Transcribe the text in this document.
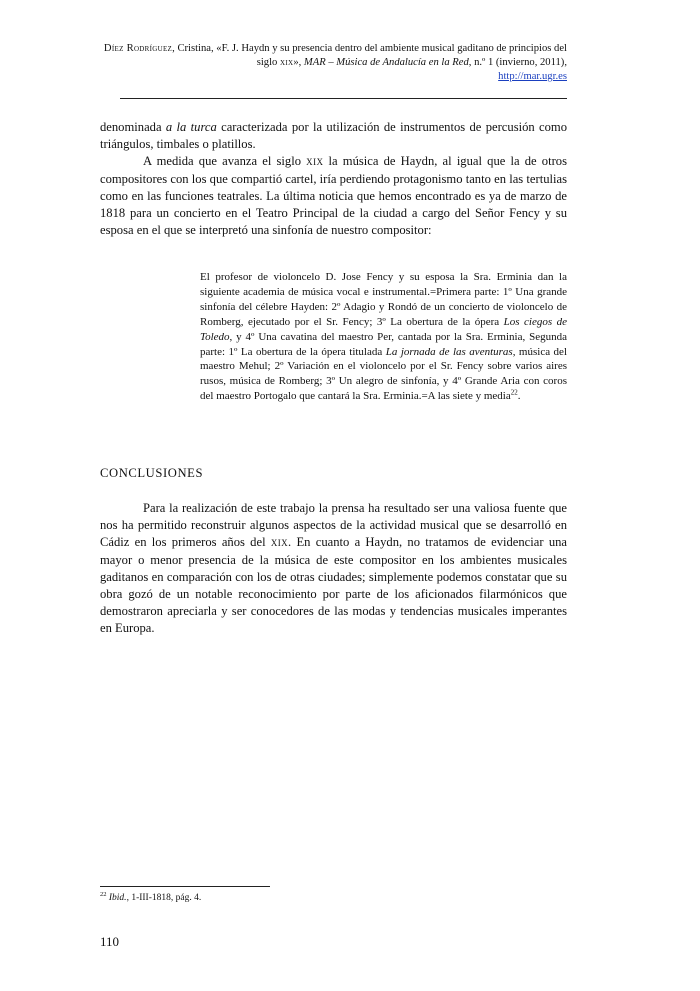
Díez Rodríguez, Cristina, «F. J. Haydn y su presencia dentro del ambiente musical gaditano de principios del siglo xix», MAR – Música de Andalucía en la Red, n.º 1 (invierno, 2011),
http://mar.ugr.es

denominada a la turca caracterizada por la utilización de instrumentos de percusión como triángulos, timbales o platillos.

A medida que avanza el siglo xix la música de Haydn, al igual que la de otros compositores con los que compartió cartel, iría perdiendo protagonismo tanto en las tertulias como en las funciones teatrales. La última noticia que hemos encontrado es ya de marzo de 1818 para un concierto en el Teatro Principal de la ciudad a cargo del Señor Fency y su esposa en el que se interpretó una sinfonía de nuestro compositor:

El profesor de violoncelo D. Jose Fency y su esposa la Sra. Erminia dan la siguiente academia de música vocal e instrumental.=Primera parte: 1º Una grande sinfonía del célebre Hayden: 2º Adagio y Rondó de un concierto de violoncelo de Romberg, ejecutado por el Sr. Fency; 3º La obertura de la ópera Los ciegos de Toledo, y 4º Una cavatina del maestro Per, cantada por la Sra. Erminia, Segunda parte: 1º La obertura de la ópera titulada La jornada de las aventuras, música del maestro Mehul; 2º Variación en el violoncelo por el Sr. Fency sobre varios aires rusos, música de Romberg; 3º Un alegro de sinfonía, y 4º Grande Aria con coros del maestro Portogalo que cantará la Sra. Erminia.=A las siete y media$^{22}$.
CONCLUSIONES

Para la realización de este trabajo la prensa ha resultado ser una valiosa fuente que nos ha permitido reconstruir algunos aspectos de la actividad musical que se desarrolló en Cádiz en los primeros años del xix. En cuanto a Haydn, no tratamos de evidenciar una mayor o menor presencia de la música de este compositor en los ambientes musicales gaditanos en comparación con los de otras ciudades; simplemente podemos constatar que su obra gozó de un notable reconocimiento por parte de los aficionados filarmónicos que demostraron apreciarla y ser conocedores de las modas y tendencias musicales imperantes en Europa.

$^{22}$ Ibid., 1-III-1818, pág. 4.
110
